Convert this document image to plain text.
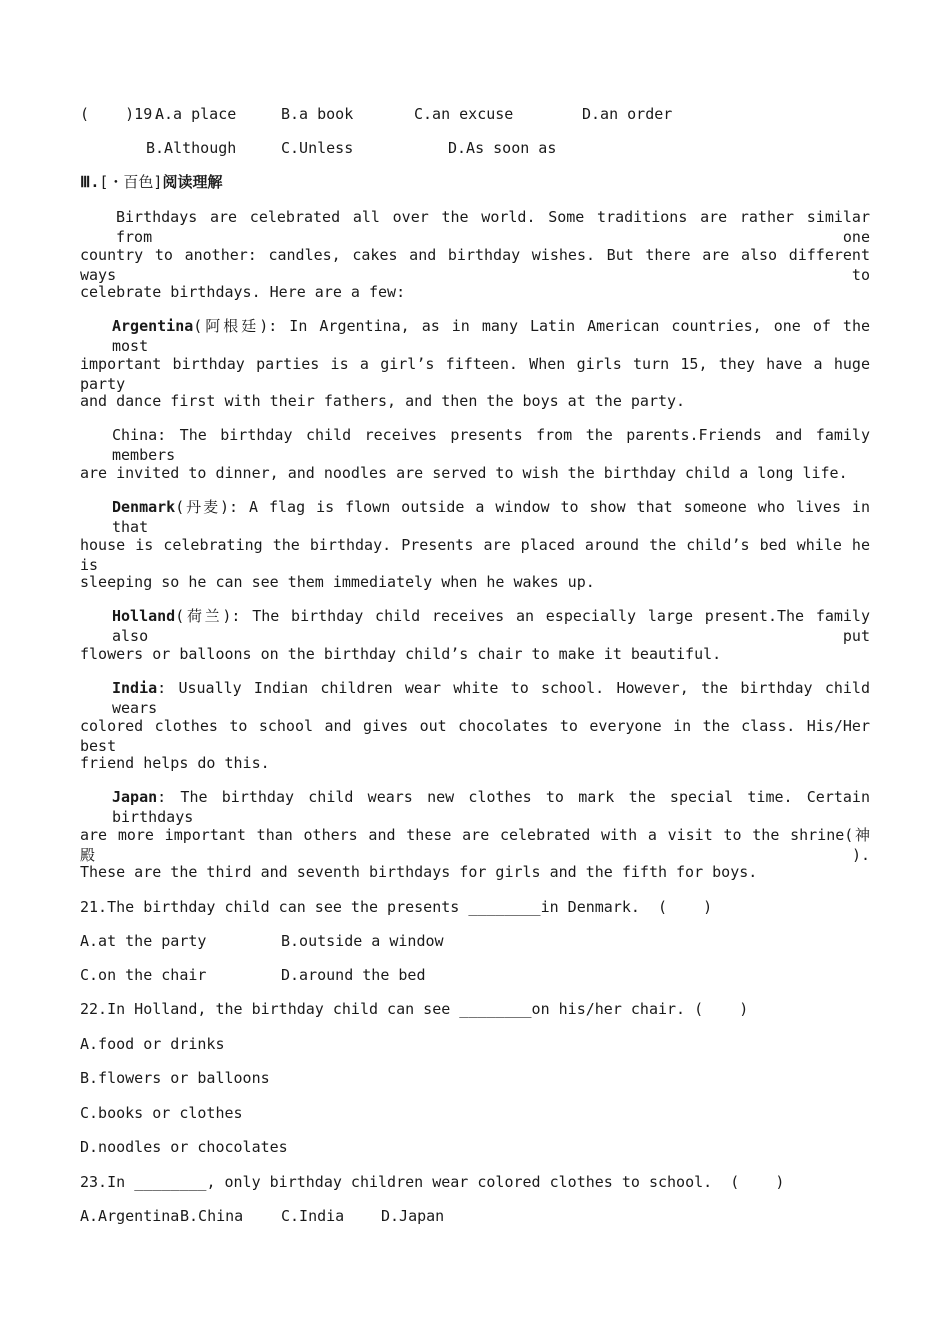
(    )19.
A.a place	B.a book	C.an excuse	D.an order
B.Although	C.Unless	D.As soon as
Ⅲ.[・百色]阅读理解
Birthdays are celebrated all over the world. Some traditions are rather similar from one
country to another: candles, cakes and birthday wishes. But there are also different ways to
celebrate birthdays. Here are a few:
Argentina(阿根廷): In Argentina, as in many Latin American countries, one of the most
important birthday parties is a girl’s fifteen. When girls turn 15, they have a huge party
and dance first with their fathers, and then the boys at the party.
China: The birthday child receives presents from the parents.Friends and family members
are invited to dinner, and noodles are served to wish the birthday child a long life.
Denmark(丹麦): A flag is flown outside a window to show that someone who lives in that
house is celebrating the birthday. Presents are placed around the child’s bed while he is
sleeping so he can see them immediately when he wakes up.
Holland(荷兰): The birthday child receives an especially large present.The family also put
flowers or balloons on the birthday child’s chair to make it beautiful.
India: Usually Indian children wear white to school. However, the birthday child wears
colored clothes to school and gives out chocolates to everyone in the class. His/Her best
friend helps do this.
Japan: The birthday child wears new clothes to mark the special time. Certain birthdays
are more important than others and these are celebrated with a visit to the shrine(神殿).
These are the third and seventh birthdays for girls and the fifth for boys.
21.The birthday child can see the presents ________in Denmark.  (    )
A.at the party	B.outside a window
C.on the chair	D.around the bed
22.In Holland, the birthday child can see ________on his/her chair. (    )
A.food or drinks
B.flowers or balloons
C.books or clothes
D.noodles or chocolates
23.In ________, only birthday children wear colored clothes to school.  (    )
A.Argentina B.China	C.India D.Japan
